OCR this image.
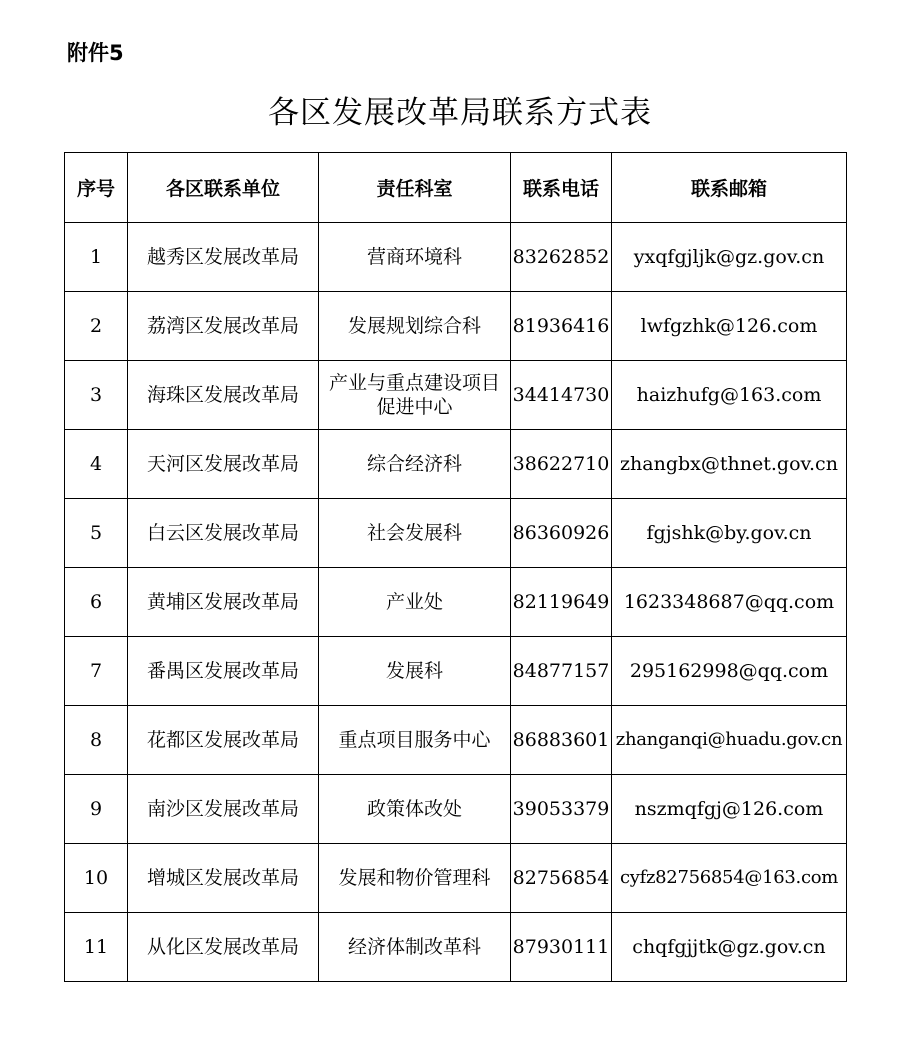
附件5
各区发展改革局联系方式表
序号	各区联系单位	责任科室	联系电话	联系邮箱
1	越秀区发展改革局	营商环境科	83262852	yxqfgjljk@gz.gov.cn
2	荔湾区发展改革局	发展规划综合科	81936416	lwfgzhk@126.com
3	海珠区发展改革局	产业与重点建设项目
促进中心	34414730	haizhufg@163.com
4	天河区发展改革局	综合经济科	38622710	zhangbx@thnet.gov.cn
5	白云区发展改革局	社会发展科	86360926	fgjshk@by.gov.cn
6	黄埔区发展改革局	产业处	82119649	1623348687@qq.com
7	番禺区发展改革局	发展科	84877157	295162998@qq.com
8	花都区发展改革局	重点项目服务中心	86883601	zhanganqi@huadu.gov.cn
9	南沙区发展改革局	政策体改处	39053379	nszmqfgj@126.com
10	增城区发展改革局	发展和物价管理科	82756854	cyfz82756854@163.com
11	从化区发展改革局	经济体制改革科	87930111	chqfgjjtk@gz.gov.cn
